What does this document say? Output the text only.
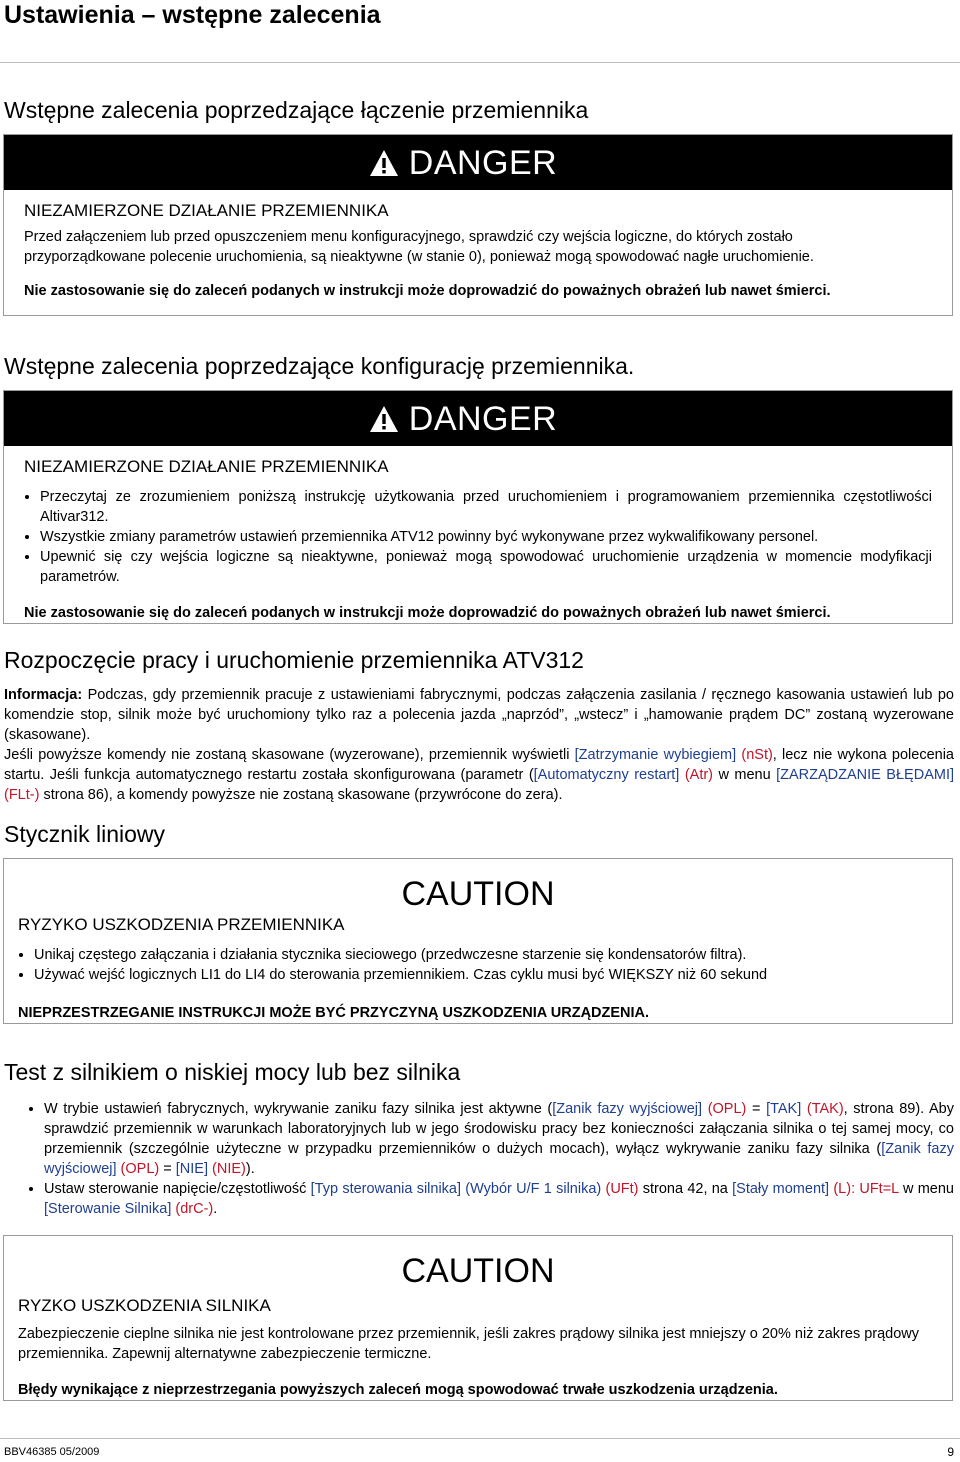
Ustawienia – wstępne zalecenia
Wstępne zalecenia poprzedzające łączenie przemiennika
DANGER

NIEZAMIERZONE DZIAŁANIE PRZEMIENNIKA

Przed załączeniem lub przed opuszczeniem menu konfiguracyjnego, sprawdzić czy wejścia logiczne, do których zostało

przyporządkowane polecenie uruchomienia, są nieaktywne (w stanie 0), ponieważ mogą spowodować nagłe uruchomienie.

Nie zastosowanie się do zaleceń podanych w instrukcji może doprowadzić do poważnych obrażeń lub nawet śmierci.

Wstępne zalecenia poprzedzające konfigurację przemiennika.
DANGER

NIEZAMIERZONE DZIAŁANIE PRZEMIENNIKA

Przeczytaj ze zrozumieniem poniższą instrukcję użytkowania przed uruchomieniem i programowaniem przemiennika częstotliwości Altivar312.
Wszystkie zmiany parametrów ustawień przemiennika ATV12 powinny być wykonywane przez wykwalifikowany personel.
Upewnić się czy wejścia logiczne są nieaktywne, ponieważ mogą spowodować uruchomienie urządzenia w momencie modyfikacji parametrów.

Nie zastosowanie się do zaleceń podanych w instrukcji może doprowadzić do poważnych obrażeń lub nawet śmierci.

Rozpoczęcie pracy i uruchomienie przemiennika ATV312

Informacja: Podczas, gdy przemiennik pracuje z ustawieniami fabrycznymi, podczas załączenia zasilania / ręcznego kasowania ustawień lub po komendzie stop, silnik może być uruchomiony tylko raz a polecenia jazda „naprzód”, „wstecz” i „hamowanie prądem DC” zostaną wyzerowane (skasowane).

Jeśli powyższe komendy nie zostaną skasowane (wyzerowane), przemiennik wyświetli [Zatrzymanie wybiegiem] (nSt), lecz nie wykona polecenia startu. Jeśli funkcja automatycznego restartu została skonfigurowana (parametr ([Automatyczny restart] (Atr) w menu [ZARZĄDZANIE BŁĘDAMI] (FLt-) strona 86), a komendy powyższe nie zostaną skasowane (przywrócone do zera).

Stycznik liniowy
CAUTION

RYZYKO USZKODZENIA PRZEMIENNIKA

Unikaj częstego załączania i działania stycznika sieciowego (przedwczesne starzenie się kondensatorów filtra).
Używać wejść logicznych LI1 do LI4 do sterowania przemiennikiem. Czas cyklu musi być WIĘKSZY niż 60 sekund

NIEPRZESTRZEGANIE INSTRUKCJI MOŻE BYĆ PRZYCZYNĄ USZKODZENIA URZĄDZENIA.

Test z silnikiem o niskiej mocy lub bez silnika
W trybie ustawień fabrycznych, wykrywanie zaniku fazy silnika jest aktywne ([Zanik fazy wyjściowej] (OPL) = [TAK] (TAK), strona 89). Aby sprawdzić przemiennik w warunkach laboratoryjnych lub w jego środowisku pracy bez konieczności załączania silnika o tej samej mocy, co przemiennik (szczególnie użyteczne w przypadku przemienników o dużych mocach), wyłącz wykrywanie zaniku fazy silnika ([Zanik fazy wyjściowej] (OPL) = [NIE] (NIE)).
Ustaw sterowanie napięcie/częstotliwość [Typ sterowania silnika] (Wybór U/F 1 silnika) (UFt) strona 42, na [Stały moment] (L): UFt=L w menu [Sterowanie Silnika] (drC-).
CAUTION

RYZKO USZKODZENIA SILNIKA

Zabezpieczenie cieplne silnika nie jest kontrolowane przez przemiennik, jeśli zakres prądowy silnika jest mniejszy o 20% niż zakres prądowy przemiennika. Zapewnij alternatywne zabezpieczenie termiczne.

Błędy wynikające z nieprzestrzegania powyższych zaleceń mogą spowodować trwałe uszkodzenia urządzenia.

BBV46385 05/2009	9
